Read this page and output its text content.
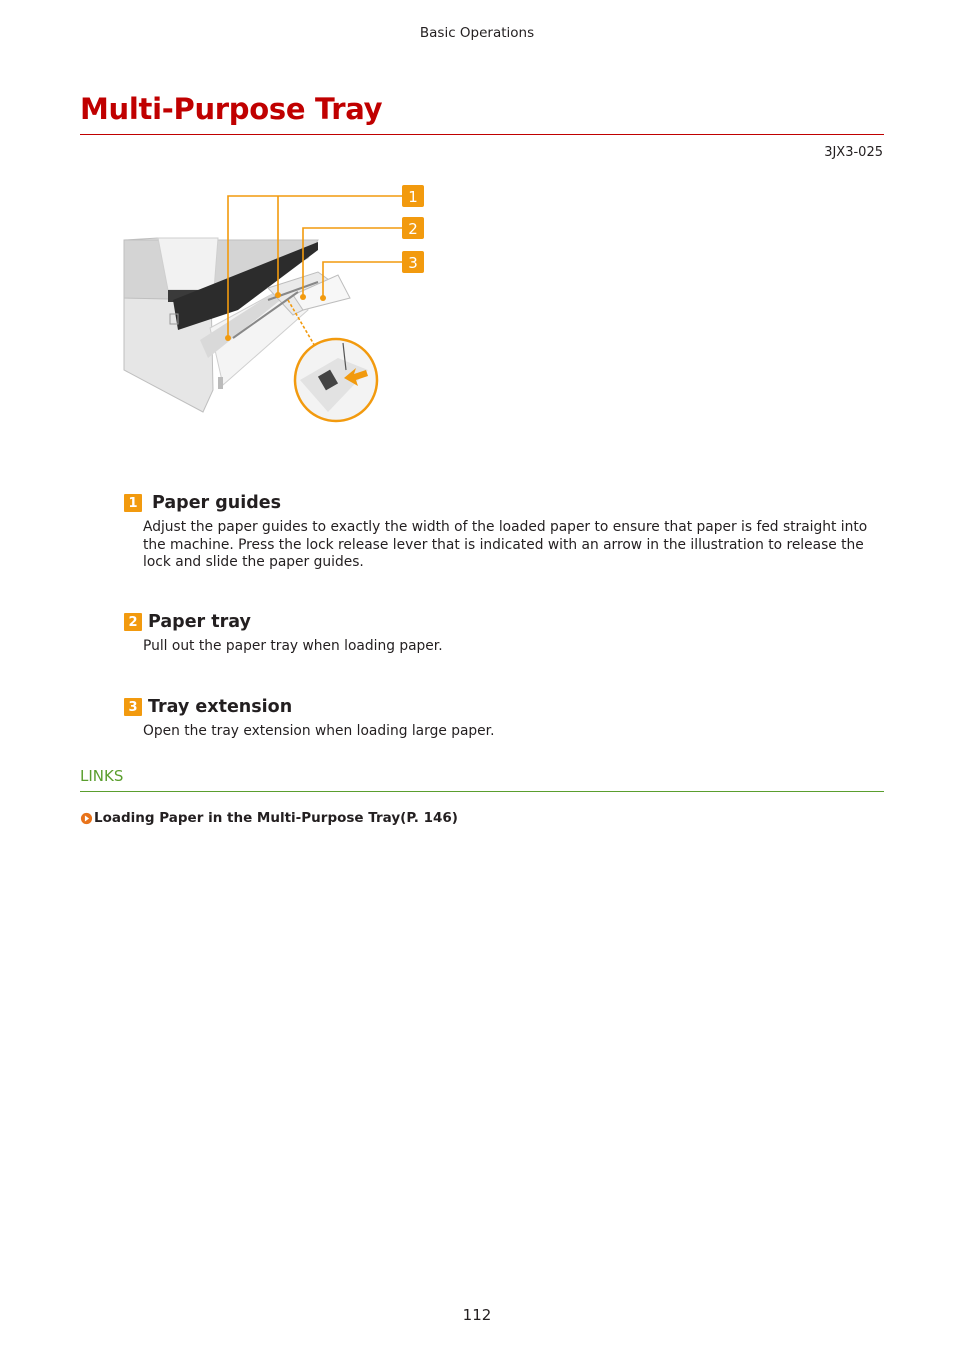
Basic Operations
Multi-Purpose Tray
3JX3-025
1
2
3
1 Paper guides
Adjust the paper guides to exactly the width of the loaded paper to ensure that paper is fed straight into the machine. Press the lock release lever that is indicated with an arrow in the illustration to release the lock and slide the paper guides.
2 Paper tray
Pull out the paper tray when loading paper.
3 Tray extension
Open the tray extension when loading large paper.
LINKS
Loading Paper in the Multi-Purpose Tray(P. 146)
112
